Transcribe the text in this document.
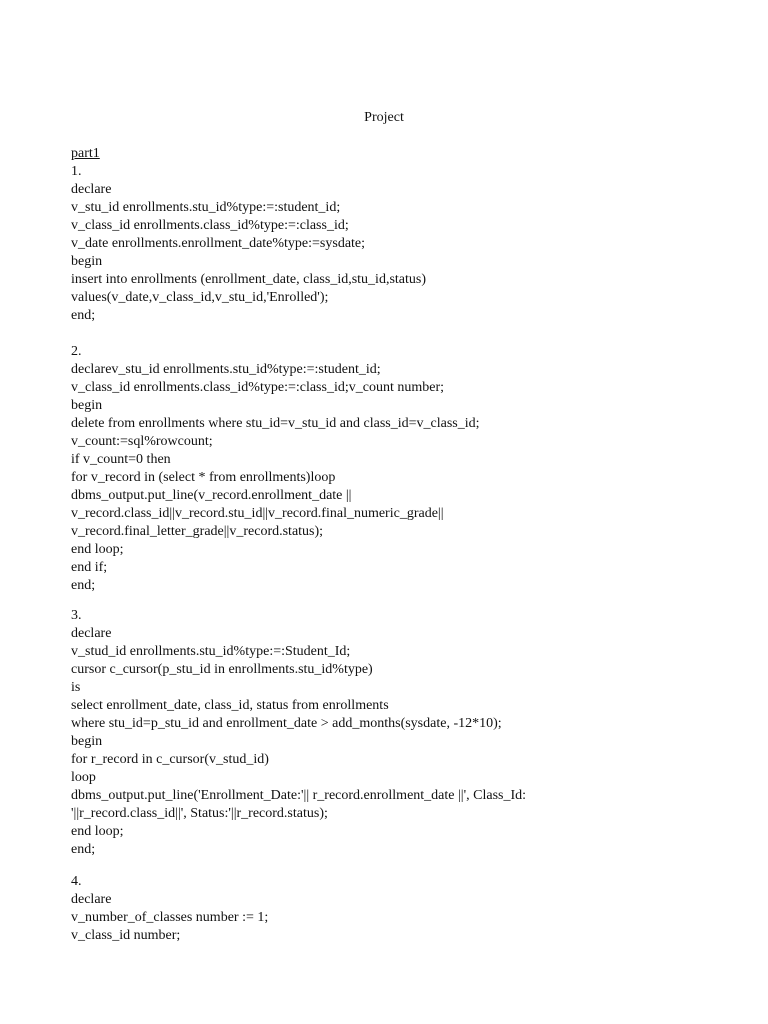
Project
part1
1.
declare
v_stu_id enrollments.stu_id%type:=:student_id;
v_class_id enrollments.class_id%type:=:class_id;
v_date enrollments.enrollment_date%type:=sysdate;
begin
insert into enrollments (enrollment_date, class_id,stu_id,status)
values(v_date,v_class_id,v_stu_id,'Enrolled');
end;
2.
declarev_stu_id enrollments.stu_id%type:=:student_id;
v_class_id enrollments.class_id%type:=:class_id;v_count number;
begin
delete from enrollments where stu_id=v_stu_id and class_id=v_class_id;
v_count:=sql%rowcount;
if v_count=0 then
for v_record in (select * from enrollments)loop
dbms_output.put_line(v_record.enrollment_date ||
v_record.class_id||v_record.stu_id||v_record.final_numeric_grade||
v_record.final_letter_grade||v_record.status);
end loop;
end if;
end;
3.
declare
v_stud_id enrollments.stu_id%type:=:Student_Id;
cursor c_cursor(p_stu_id in enrollments.stu_id%type)
is
select enrollment_date, class_id, status from enrollments
where stu_id=p_stu_id and enrollment_date > add_months(sysdate, -12*10);
begin
for r_record in c_cursor(v_stud_id)
loop
dbms_output.put_line('Enrollment_Date:'|| r_record.enrollment_date ||', Class_Id:
'||r_record.class_id||', Status:'||r_record.status);
end loop;
end;
4.
declare
v_number_of_classes number := 1;
v_class_id number;
